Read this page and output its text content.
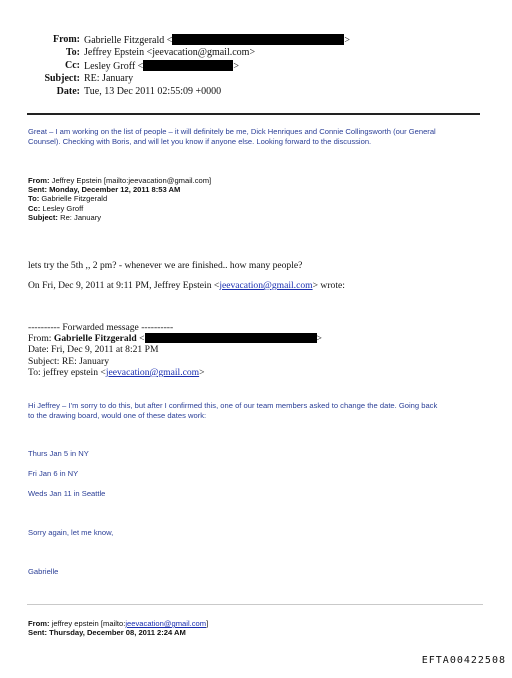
From: Gabrielle Fitzgerald <	>
To: Jeffrey Epstein <jeevacation@gmail.com>
Cc: Lesley Groff <	>
Subject: RE: January
Date: Tue, 13 Dec 2011 02:55:09 +0000
Great – I am working on the list of people – it will definitely be me, Dick Henriques and Connie Collingsworth (our General
Counsel). Checking with Boris, and will let you know if anyone else. Looking forward to the discussion.
From: Jeffrey Epstein [mailto:jeevacation@gmail.com]
Sent: Monday, December 12, 2011 8:53 AM
To: Gabrielle Fitzgerald
Cc: Lesley Groff
Subject: Re: January
lets try the 5th ,, 2 pm? - whenever we are finished.. how many people?
On Fri, Dec 9, 2011 at 9:11 PM, Jeffrey Epstein <jeevacation@gmail.com> wrote:
---------- Forwarded message ----------
From: Gabrielle Fitzgerald <	>
Date: Fri, Dec 9, 2011 at 8:21 PM
Subject: RE: January
To: jeffrey epstein <jeevacation@gmail.com>
Hi Jeffrey – I’m sorry to do this, but after I confirmed this, one of our team members asked to change the date. Going back
to the drawing board, would one of these dates work:
Thurs Jan 5 in NY
Fri Jan 6 in NY
Weds Jan 11 in Seattle
Sorry again, let me know,
Gabrielle
From: jeffrey epstein [mailto:jeevacation@gmail.com]
Sent: Thursday, December 08, 2011 2:24 AM
EFTA00422508
